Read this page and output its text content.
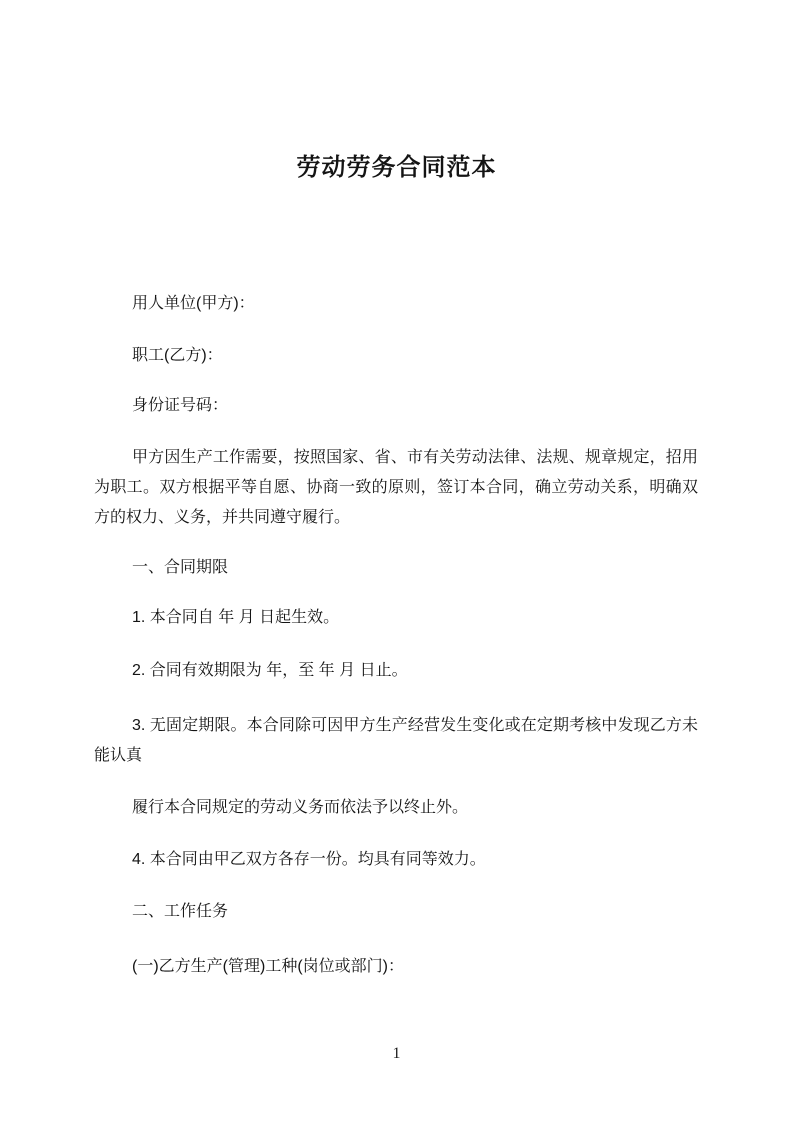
劳动劳务合同范本
用人单位(甲方)：
职工(乙方)：
身份证号码：
甲方因生产工作需要，按照国家、省、市有关劳动法律、法规、规章规定，招用为职工。双方根据平等自愿、协商一致的原则，签订本合同，确立劳动关系，明确双方的权力、义务，并共同遵守履行。
一、合同期限
1. 本合同自 年 月 日起生效。
2. 合同有效期限为 年，至 年 月 日止。
3. 无固定期限。本合同除可因甲方生产经营发生变化或在定期考核中发现乙方未能认真
履行本合同规定的劳动义务而依法予以终止外。
4. 本合同由甲乙双方各存一份。均具有同等效力。
二、工作任务
(一)乙方生产(管理)工种(岗位或部门)：
1
